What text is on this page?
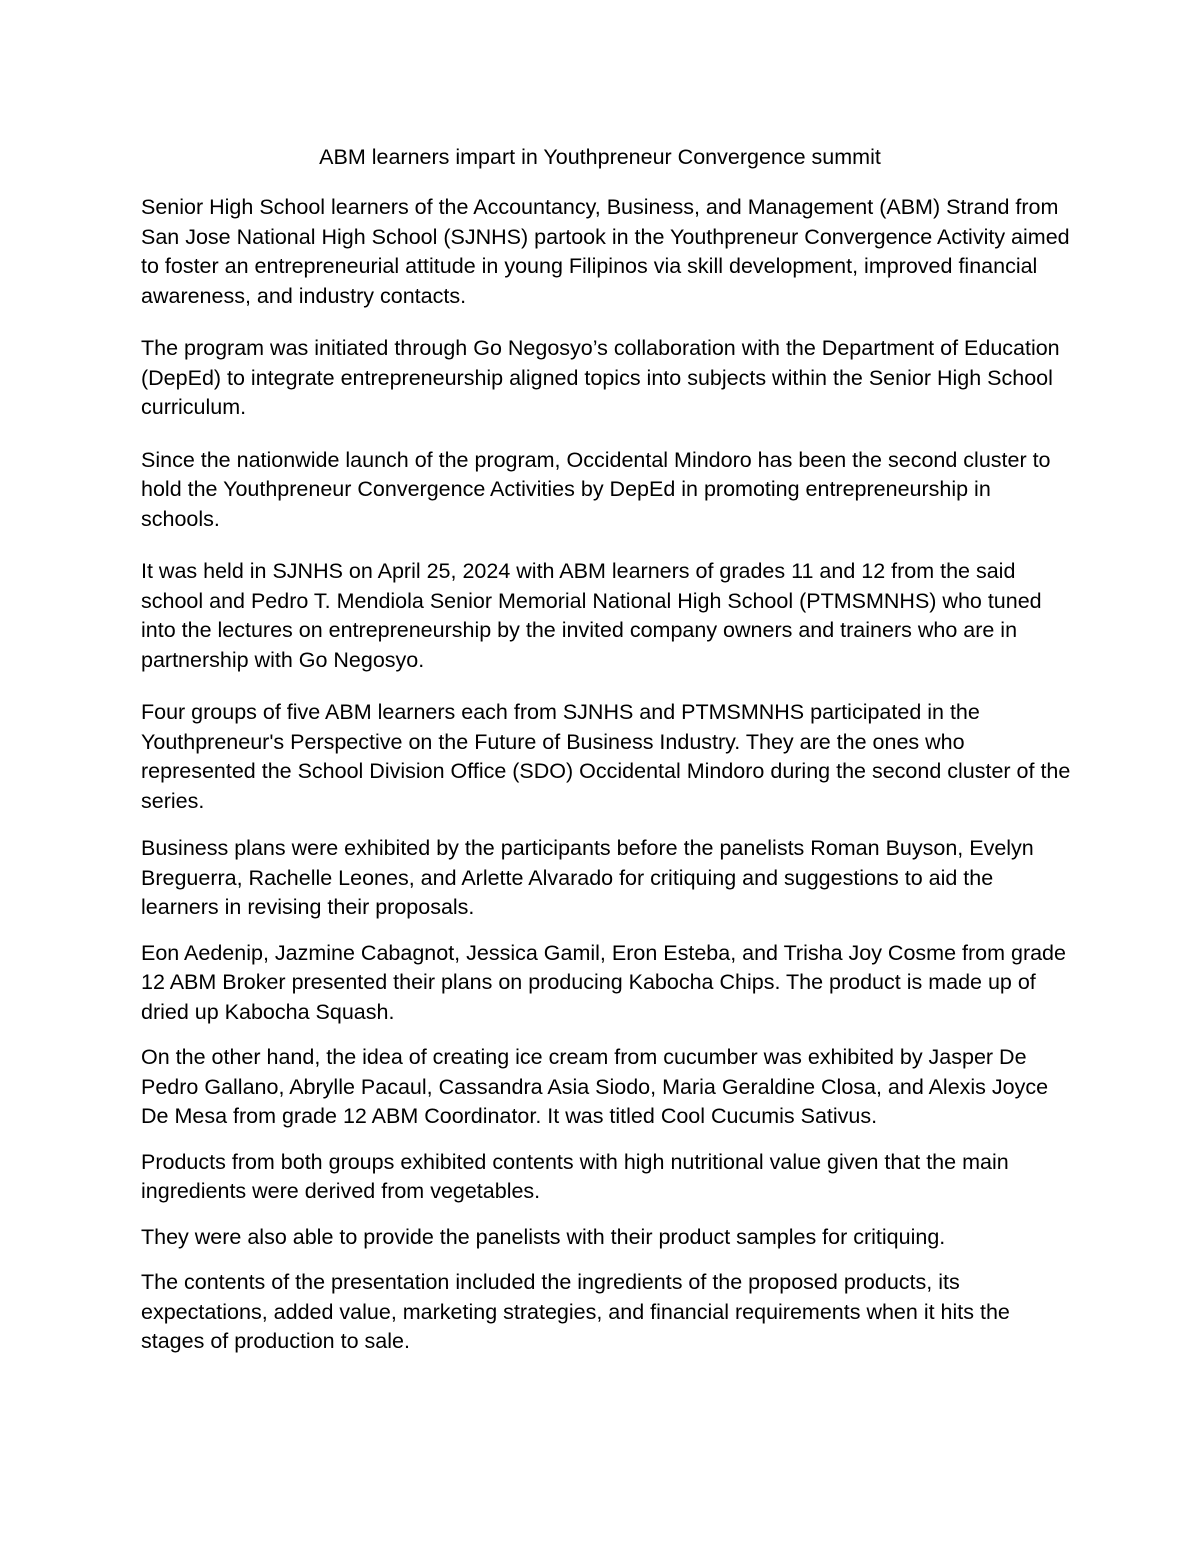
ABM learners impart in Youthpreneur Convergence summit

Senior High School learners of the Accountancy, Business, and Management (ABM) Strand from San Jose National High School (SJNHS) partook in the Youthpreneur Convergence Activity aimed to foster an entrepreneurial attitude in young Filipinos via skill development, improved financial awareness, and industry contacts.

The program was initiated through Go Negosyo’s collaboration with the Department of Education (DepEd) to integrate entrepreneurship aligned topics into subjects within the Senior High School curriculum.

Since the nationwide launch of the program, Occidental Mindoro has been the second cluster to hold the Youthpreneur Convergence Activities by DepEd in promoting entrepreneurship in schools.

It was held in SJNHS on April 25, 2024 with ABM learners of grades 11 and 12 from the said school and Pedro T. Mendiola Senior Memorial National High School (PTMSMNHS) who tuned into the lectures on entrepreneurship by the invited company owners and trainers who are in partnership with Go Negosyo.

Four groups of five ABM learners each from SJNHS and PTMSMNHS participated in the Youthpreneur's Perspective on the Future of Business Industry. They are the ones who represented the School Division Office (SDO) Occidental Mindoro during the second cluster of the series.

Business plans were exhibited by the participants before the panelists Roman Buyson, Evelyn Breguerra, Rachelle Leones, and Arlette Alvarado for critiquing and suggestions to aid the learners in revising their proposals.

Eon Aedenip, Jazmine Cabagnot, Jessica Gamil, Eron Esteba, and Trisha Joy Cosme from grade 12 ABM Broker presented their plans on producing Kabocha Chips. The product is made up of dried up Kabocha Squash.

On the other hand, the idea of creating ice cream from cucumber was exhibited by Jasper De Pedro Gallano, Abrylle Pacaul, Cassandra Asia Siodo, Maria Geraldine Closa, and Alexis Joyce De Mesa from grade 12 ABM Coordinator. It was titled Cool Cucumis Sativus.

Products from both groups exhibited contents with high nutritional value given that the main ingredients were derived from vegetables.

They were also able to provide the panelists with their product samples for critiquing.

The contents of the presentation included the ingredients of the proposed products, its expectations, added value, marketing strategies, and financial requirements when it hits the stages of production to sale.
